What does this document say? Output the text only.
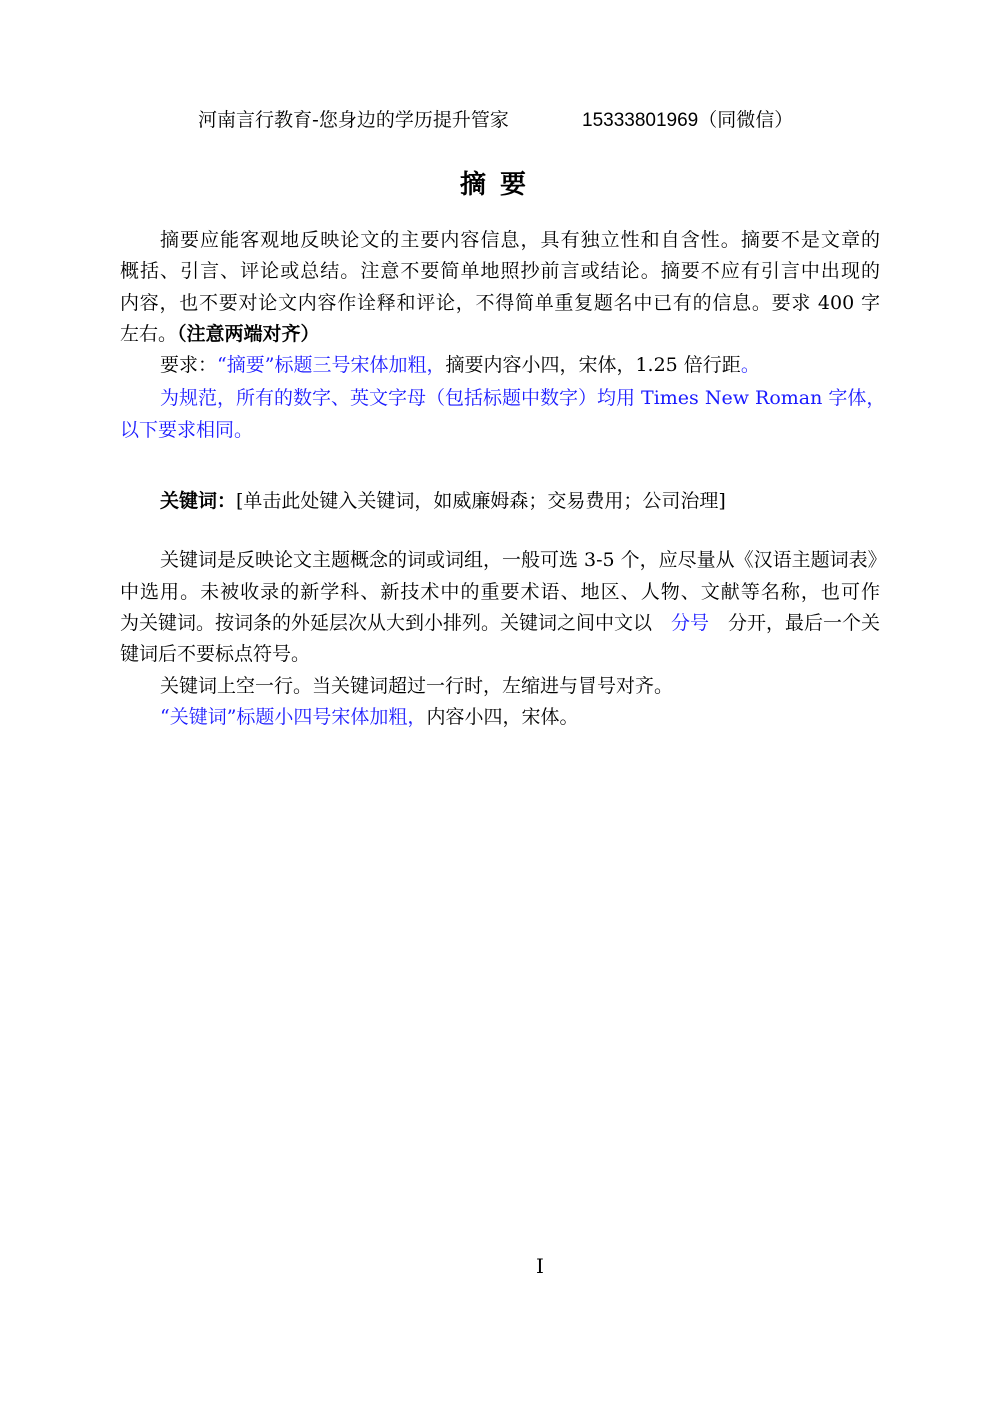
河南言行教育-您身边的学历提升管家	15333801969（同微信）
摘要
摘要应能客观地反映论文的主要内容信息，具有独立性和自含性。摘要不是文章的
概括、引言、评论或总结。注意不要简单地照抄前言或结论。摘要不应有引言中出现的
内容，也不要对论文内容作诠释和评论，不得简单重复题名中已有的信息。要求 400 字
左右。（注意两端对齐）
要求：“摘要”标题三号宋体加粗，摘要内容小四，宋体，1.25 倍行距。
为规范，所有的数字、英文字母（包括标题中数字）均用 Times New Roman 字体，
以下要求相同。
关键词：[单击此处键入关键词，如威廉姆森；交易费用；公司治理]
关键词是反映论文主题概念的词或词组，一般可选 3-5 个，应尽量从《汉语主题词表》
中选用。未被收录的新学科、新技术中的重要术语、地区、人物、文献等名称，也可作
为关键词。按词条的外延层次从大到小排列。关键词之间中文以 分号 分开，最后一个关
键词后不要标点符号。
关键词上空一行。当关键词超过一行时，左缩进与冒号对齐。
“关键词”标题小四号宋体加粗，内容小四，宋体。
I
